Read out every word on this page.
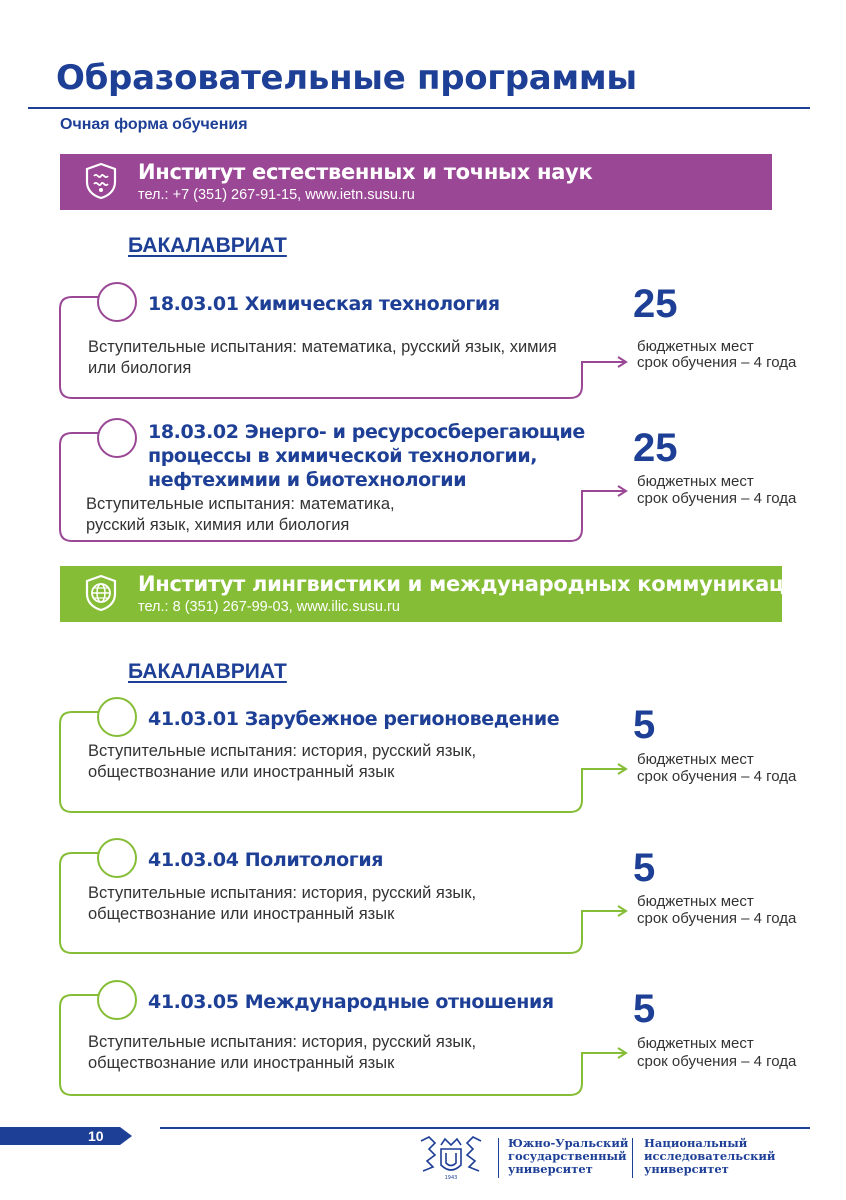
Образовательные программы
Очная форма обучения
Институт естественных и точных наук
тел.: +7 (351) 267-91-15, www.ietn.susu.ru
БАКАЛАВРИАТ
18.03.01 Химическая технология
Вступительные испытания: математика, русский язык, химия или биология
25
бюджетных мест
срок обучения – 4 года
18.03.02 Энерго- и ресурсосберегающие процессы в химической технологии, нефтехимии и биотехнологии
Вступительные испытания: математика, русский язык, химия или биология
25
бюджетных мест
срок обучения – 4 года
Институт лингвистики и международных коммуникаций
тел.: 8 (351) 267-99-03, www.ilic.susu.ru
БАКАЛАВРИАТ
41.03.01 Зарубежное регионоведение
Вступительные испытания: история, русский язык, обществознание или иностранный язык
5
бюджетных мест
срок обучения – 4 года
41.03.04 Политология
Вступительные испытания: история, русский язык, обществознание или иностранный язык
5
бюджетных мест
срок обучения – 4 года
41.03.05 Международные отношения
Вступительные испытания: история, русский язык, обществознание или иностранный язык
5
бюджетных мест
срок обучения – 4 года
10
1943
Южно-Уральский
государственный
университет
Национальный
исследовательский
университет
